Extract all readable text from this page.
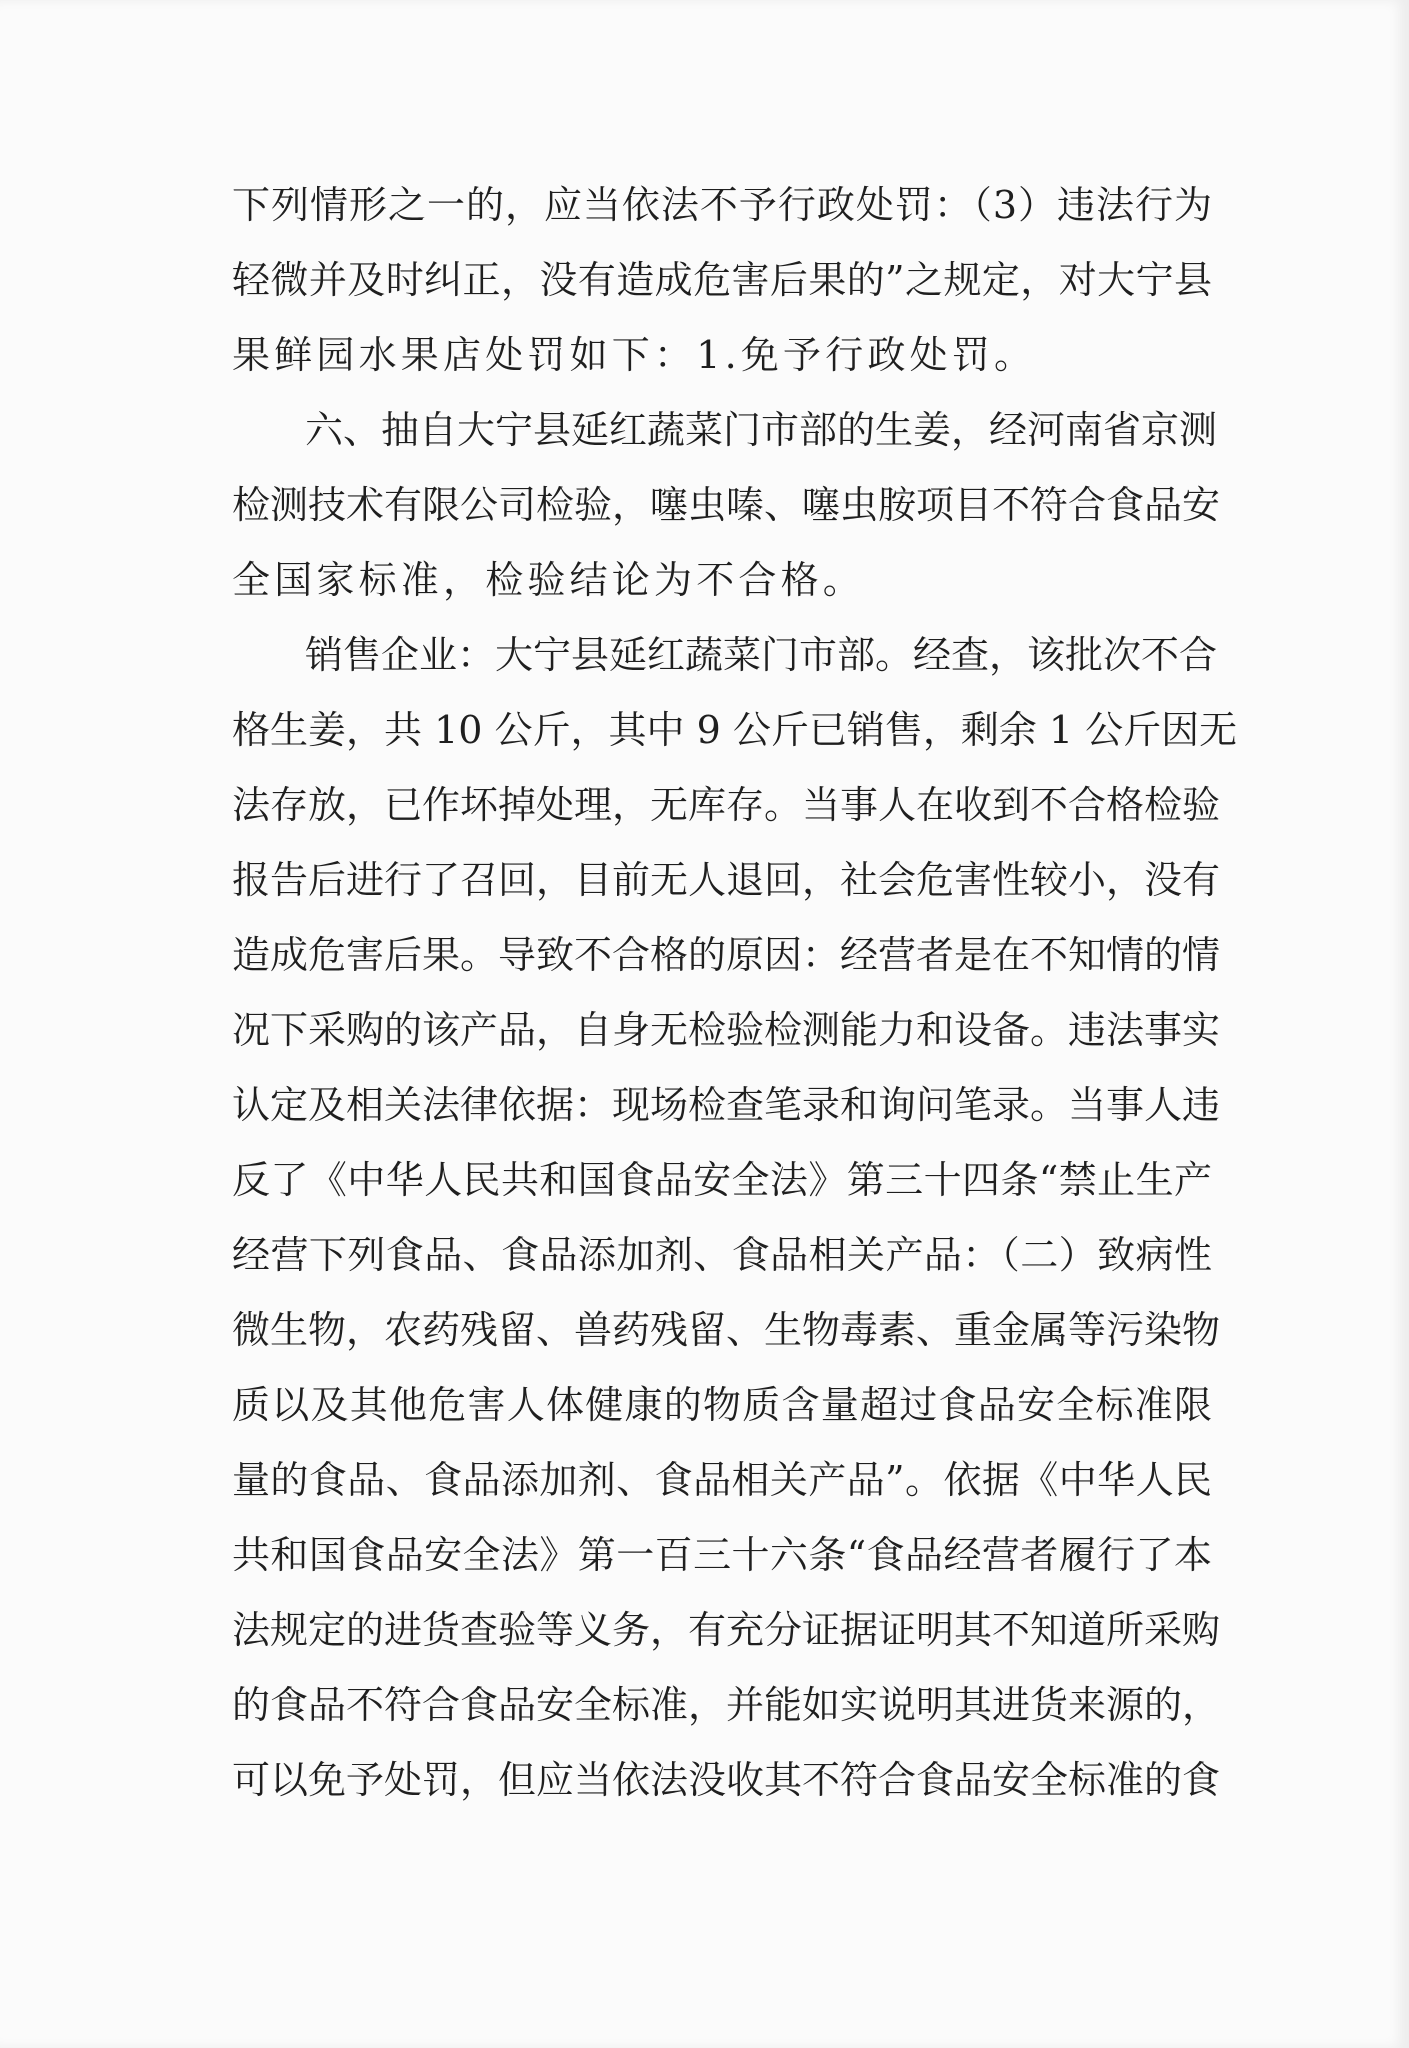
下列情形之一的，应当依法不予行政处罚：（3）违法行为
轻微并及时纠正，没有造成危害后果的”之规定，对大宁县
果鲜园水果店处罚如下：1.免予行政处罚。
六、抽自大宁县延红蔬菜门市部的生姜，经河南省京测
检测技术有限公司检验，噻虫嗪、噻虫胺项目不符合食品安
全国家标准，检验结论为不合格。
销售企业：大宁县延红蔬菜门市部。经查，该批次不合
格生姜，共 10 公斤，其中 9 公斤已销售，剩余 1 公斤因无
法存放，已作坏掉处理，无库存。当事人在收到不合格检验
报告后进行了召回，目前无人退回，社会危害性较小，没有
造成危害后果。导致不合格的原因：经营者是在不知情的情
况下采购的该产品，自身无检验检测能力和设备。违法事实
认定及相关法律依据：现场检查笔录和询问笔录。当事人违
反了《中华人民共和国食品安全法》第三十四条“禁止生产
经营下列食品、食品添加剂、食品相关产品：（二）致病性
微生物，农药残留、兽药残留、生物毒素、重金属等污染物
质以及其他危害人体健康的物质含量超过食品安全标准限
量的食品、食品添加剂、食品相关产品”。依据《中华人民
共和国食品安全法》第一百三十六条“食品经营者履行了本
法规定的进货查验等义务，有充分证据证明其不知道所采购
的食品不符合食品安全标准，并能如实说明其进货来源的，
可以免予处罚，但应当依法没收其不符合食品安全标准的食
